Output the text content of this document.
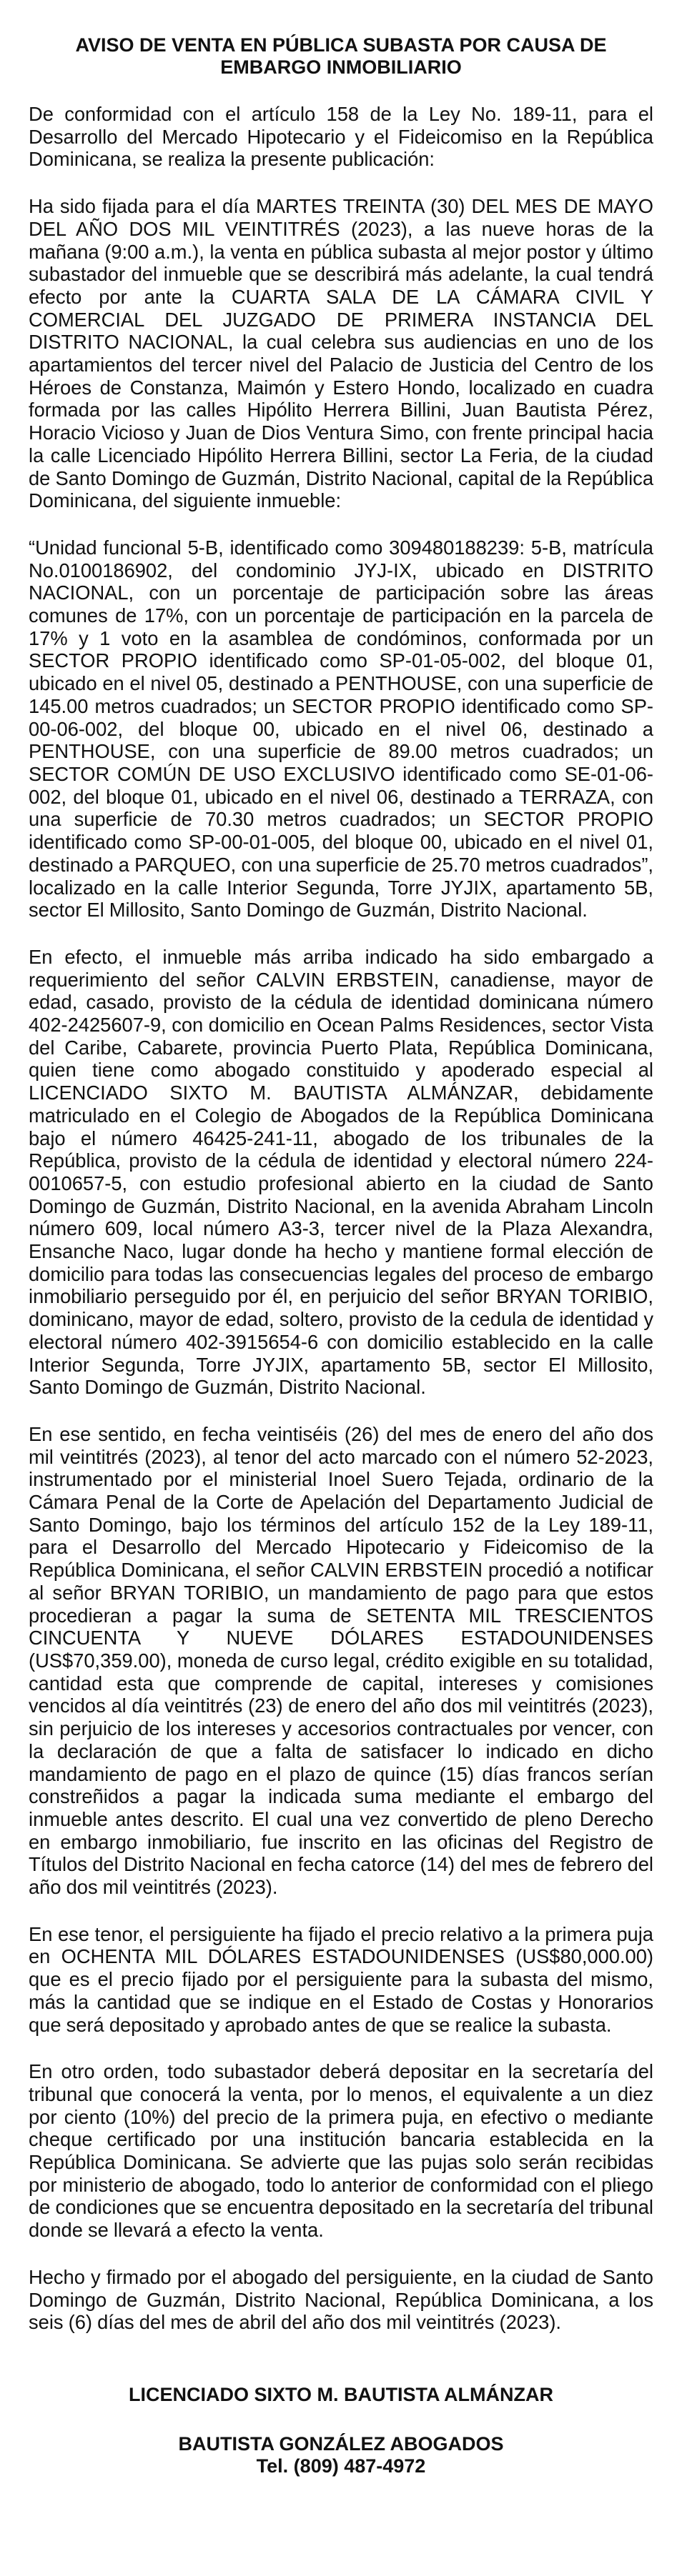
AVISO DE VENTA EN PÚBLICA SUBASTA POR CAUSA DE
EMBARGO INMOBILIARIO

De conformidad con el artículo 158 de la Ley No. 189-11, para el Desarrollo del Mercado Hipotecario y el Fideicomiso en la República Dominicana, se realiza la presente publicación:

Ha sido fijada para el día MARTES TREINTA (30) DEL MES DE MAYO DEL AÑO DOS MIL VEINTITRÉS (2023), a las nueve horas de la mañana (9:00 a.m.), la venta en pública subasta al mejor postor y último subastador del inmueble que se describirá más adelante, la cual tendrá efecto por ante la CUARTA SALA DE LA CÁMARA CIVIL Y COMERCIAL DEL JUZGADO DE PRIMERA INSTANCIA DEL DISTRITO NACIONAL, la cual celebra sus audiencias en uno de los apartamientos del tercer nivel del Palacio de Justicia del Centro de los Héroes de Constanza, Maimón y Estero Hondo, localizado en cuadra formada por las calles Hipólito Herrera Billini, Juan Bautista Pérez, Horacio Vicioso y Juan de Dios Ventura Simo, con frente principal hacia la calle Licenciado Hipólito Herrera Billini, sector La Feria, de la ciudad de Santo Domingo de Guzmán, Distrito Nacional, capital de la República Dominicana, del siguiente inmueble:

“Unidad funcional 5-B, identificado como 309480188239: 5-B, matrícula No.0100186902, del condominio JYJ-IX, ubicado en DISTRITO NACIONAL, con un porcentaje de participación sobre las áreas comunes de 17%, con un porcentaje de participación en la parcela de 17% y 1 voto en la asamblea de condóminos, conformada por un SECTOR PROPIO identificado como SP-01-05-002, del bloque 01, ubicado en el nivel 05, destinado a PENTHOUSE, con una superficie de 145.00 metros cuadrados; un SECTOR PROPIO identificado como SP-00-06-002, del bloque 00, ubicado en el nivel 06, destinado a PENTHOUSE, con una superficie de 89.00 metros cuadrados; un SECTOR COMÚN DE USO EXCLUSIVO identificado como SE-01-06-002, del bloque 01, ubicado en el nivel 06, destinado a TERRAZA, con una superficie de 70.30 metros cuadrados; un SECTOR PROPIO identificado como SP-00-01-005, del bloque 00, ubicado en el nivel 01, destinado a PARQUEO, con una superficie de 25.70 metros cuadrados”, localizado en la calle Interior Segunda, Torre JYJIX, apartamento 5B, sector El Millosito, Santo Domingo de Guzmán, Distrito Nacional.

En efecto, el inmueble más arriba indicado ha sido embargado a requerimiento del señor CALVIN ERBSTEIN, canadiense, mayor de edad, casado, provisto de la cédula de identidad dominicana número 402-2425607-9, con domicilio en Ocean Palms Residences, sector Vista del Caribe, Cabarete, provincia Puerto Plata, República Dominicana, quien tiene como abogado constituido y apoderado especial al LICENCIADO SIXTO M. BAUTISTA ALMÁNZAR, debidamente matriculado en el Colegio de Abogados de la República Dominicana bajo el número 46425-241-11, abogado de los tribunales de la República, provisto de la cédula de identidad y electoral número 224-0010657-5, con estudio profesional abierto en la ciudad de Santo Domingo de Guzmán, Distrito Nacional, en la avenida Abraham Lincoln número 609, local número A3-3, tercer nivel de la Plaza Alexandra, Ensanche Naco, lugar donde ha hecho y mantiene formal elección de domicilio para todas las consecuencias legales del proceso de embargo inmobiliario perseguido por él, en perjuicio del señor BRYAN TORIBIO, dominicano, mayor de edad, soltero, provisto de la cedula de identidad y electoral número 402-3915654-6 con domicilio establecido en la calle Interior Segunda, Torre JYJIX, apartamento 5B, sector El Millosito, Santo Domingo de Guzmán, Distrito Nacional.

En ese sentido, en fecha veintiséis (26) del mes de enero del año dos mil veintitrés (2023), al tenor del acto marcado con el número 52-2023, instrumentado por el ministerial Inoel Suero Tejada, ordinario de la Cámara Penal de la Corte de Apelación del Departamento Judicial de Santo Domingo, bajo los términos del artículo 152 de la Ley 189-11, para el Desarrollo del Mercado Hipotecario y Fideicomiso de la República Dominicana, el señor CALVIN ERBSTEIN procedió a notificar al señor BRYAN TORIBIO, un mandamiento de pago para que estos procedieran a pagar la suma de SETENTA MIL TRESCIENTOS CINCUENTA Y NUEVE DÓLARES ESTADOUNIDENSES (US$70,359.00), moneda de curso legal, crédito exigible en su totalidad, cantidad esta que comprende de capital, intereses y comisiones vencidos al día veintitrés (23) de enero del año dos mil veintitrés (2023), sin perjuicio de los intereses y accesorios contractuales por vencer, con la declaración de que a falta de satisfacer lo indicado en dicho mandamiento de pago en el plazo de quince (15) días francos serían constreñidos a pagar la indicada suma mediante el embargo del inmueble antes descrito. El cual una vez convertido de pleno Derecho en embargo inmobiliario, fue inscrito en las oficinas del Registro de Títulos del Distrito Nacional en fecha catorce (14) del mes de febrero del año dos mil veintitrés (2023).

En ese tenor, el persiguiente ha fijado el precio relativo a la primera puja en OCHENTA MIL DÓLARES ESTADOUNIDENSES (US$80,000.00) que es el precio fijado por el persiguiente para la subasta del mismo, más la cantidad que se indique en el Estado de Costas y Honorarios que será depositado y aprobado antes de que se realice la subasta.

En otro orden, todo subastador deberá depositar en la secretaría del tribunal que conocerá la venta, por lo menos, el equivalente a un diez por ciento (10%) del precio de la primera puja, en efectivo o mediante cheque certificado por una institución bancaria establecida en la República Dominicana. Se advierte que las pujas solo serán recibidas por ministerio de abogado, todo lo anterior de conformidad con el pliego de condiciones que se encuentra depositado en la secretaría del tribunal donde se llevará a efecto la venta.

Hecho y firmado por el abogado del persiguiente, en la ciudad de Santo Domingo de Guzmán, Distrito Nacional, República Dominicana, a los seis (6) días del mes de abril del año dos mil veintitrés (2023).

LICENCIADO SIXTO M. BAUTISTA ALMÁNZAR
BAUTISTA GONZÁLEZ ABOGADOS
Tel. (809) 487-4972
